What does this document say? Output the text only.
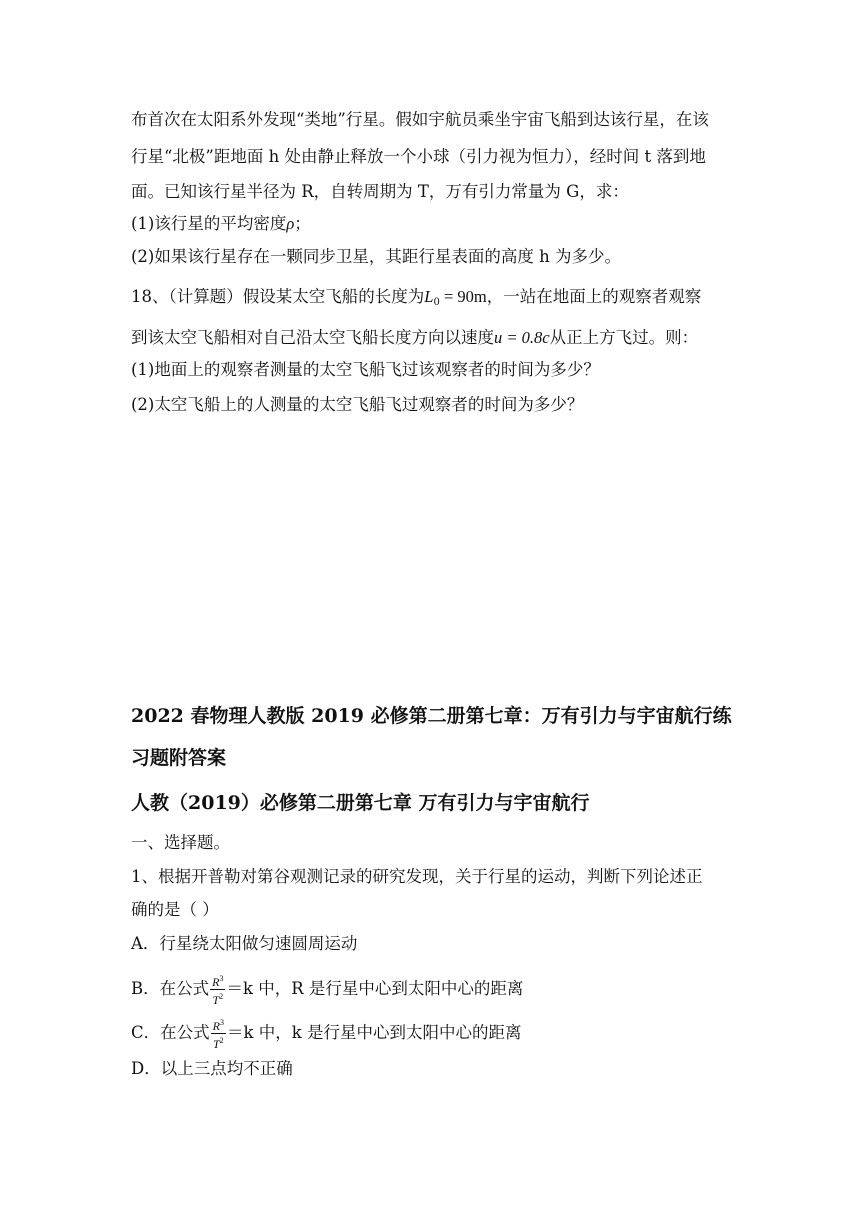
布首次在太阳系外发现“类地”行星。假如宇航员乘坐宇宙飞船到达该行星，在该
行星“北极”距地面 h 处由静止释放一个小球（引力视为恒力），经时间 t 落到地
面。已知该行星半径为 R，自转周期为 T，万有引力常量为 G，求：
(1)该行星的平均密度ρ；
(2)如果该行星存在一颗同步卫星，其距行星表面的高度 h 为多少。
18、（计算题）假设某太空飞船的长度为$L_0 = 90m$，一站在地面上的观察者观察
到该太空飞船相对自己沿太空飞船长度方向以速度u = 0.8c从正上方飞过。则：
(1)地面上的观察者测量的太空飞船飞过该观察者的时间为多少？
(2)太空飞船上的人测量的太空飞船飞过观察者的时间为多少？
2022 春物理人教版 2019 必修第二册第七章：万有引力与宇宙航行练
习题附答案
人教（2019）必修第二册第七章 万有引力与宇宙航行
一、选择题。
1、根据开普勒对第谷观测记录的研究发现，关于行星的运动，判断下列论述正
确的是（ ）
A．行星绕太阳做匀速圆周运动
B．在公式 $\frac{R^3}{T^2} =k$ 中，R 是行星中心到太阳中心的距离
C．在公式 $\frac{R^3}{T^2} =k$ 中，k 是行星中心到太阳中心的距离
D．以上三点均不正确
